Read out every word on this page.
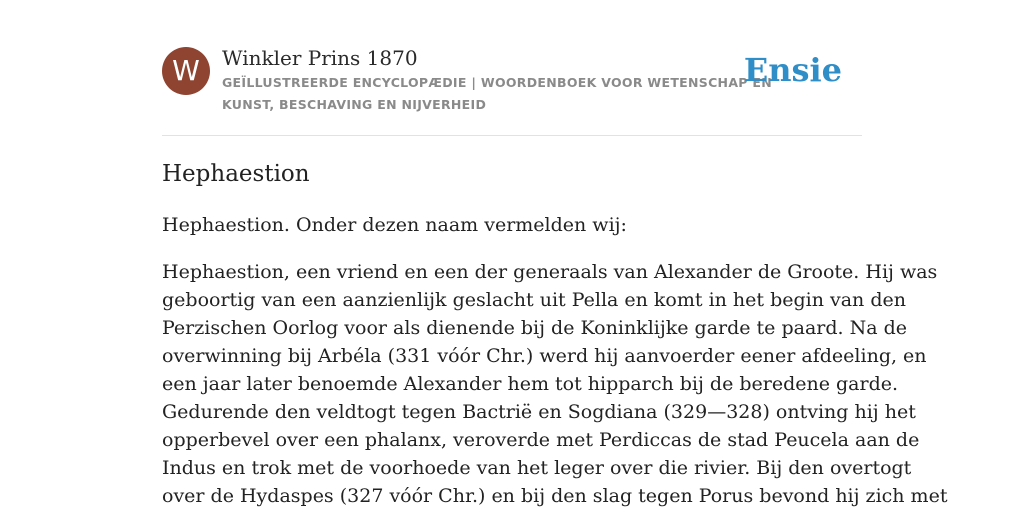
W	Winkler Prins 1870

GEÏLLUSTREERDE ENCYCLOPÆDIE | WOORDENBOEK VOOR WETENSCHAP EN
KUNST, BESCHAVING EN NIJVERHEID

Ensie
Hephaestion

Hephaestion. Onder dezen naam vermelden wij:

Hephaestion, een vriend en een der generaals van Alexander de Groote. Hij was
geboortig van een aanzienlijk geslacht uit Pella en komt in het begin van den
Perzischen Oorlog voor als dienende bij de Koninklijke garde te paard. Na de
overwinning bij Arbéla (331 vóór Chr.) werd hij aanvoerder eener afdeeling, en
een jaar later benoemde Alexander hem tot hipparch bij de beredene garde.
Gedurende den veldtogt tegen Bactrië en Sogdiana (329—328) ontving hij het
opperbevel over een phalanx, veroverde met Perdiccas de stad Peucela aan de
Indus en trok met de voorhoede van het leger over die rivier. Bij den overtogt
over de Hydaspes (327 vóór Chr.) en bij den slag tegen Porus bevond hij zich met
